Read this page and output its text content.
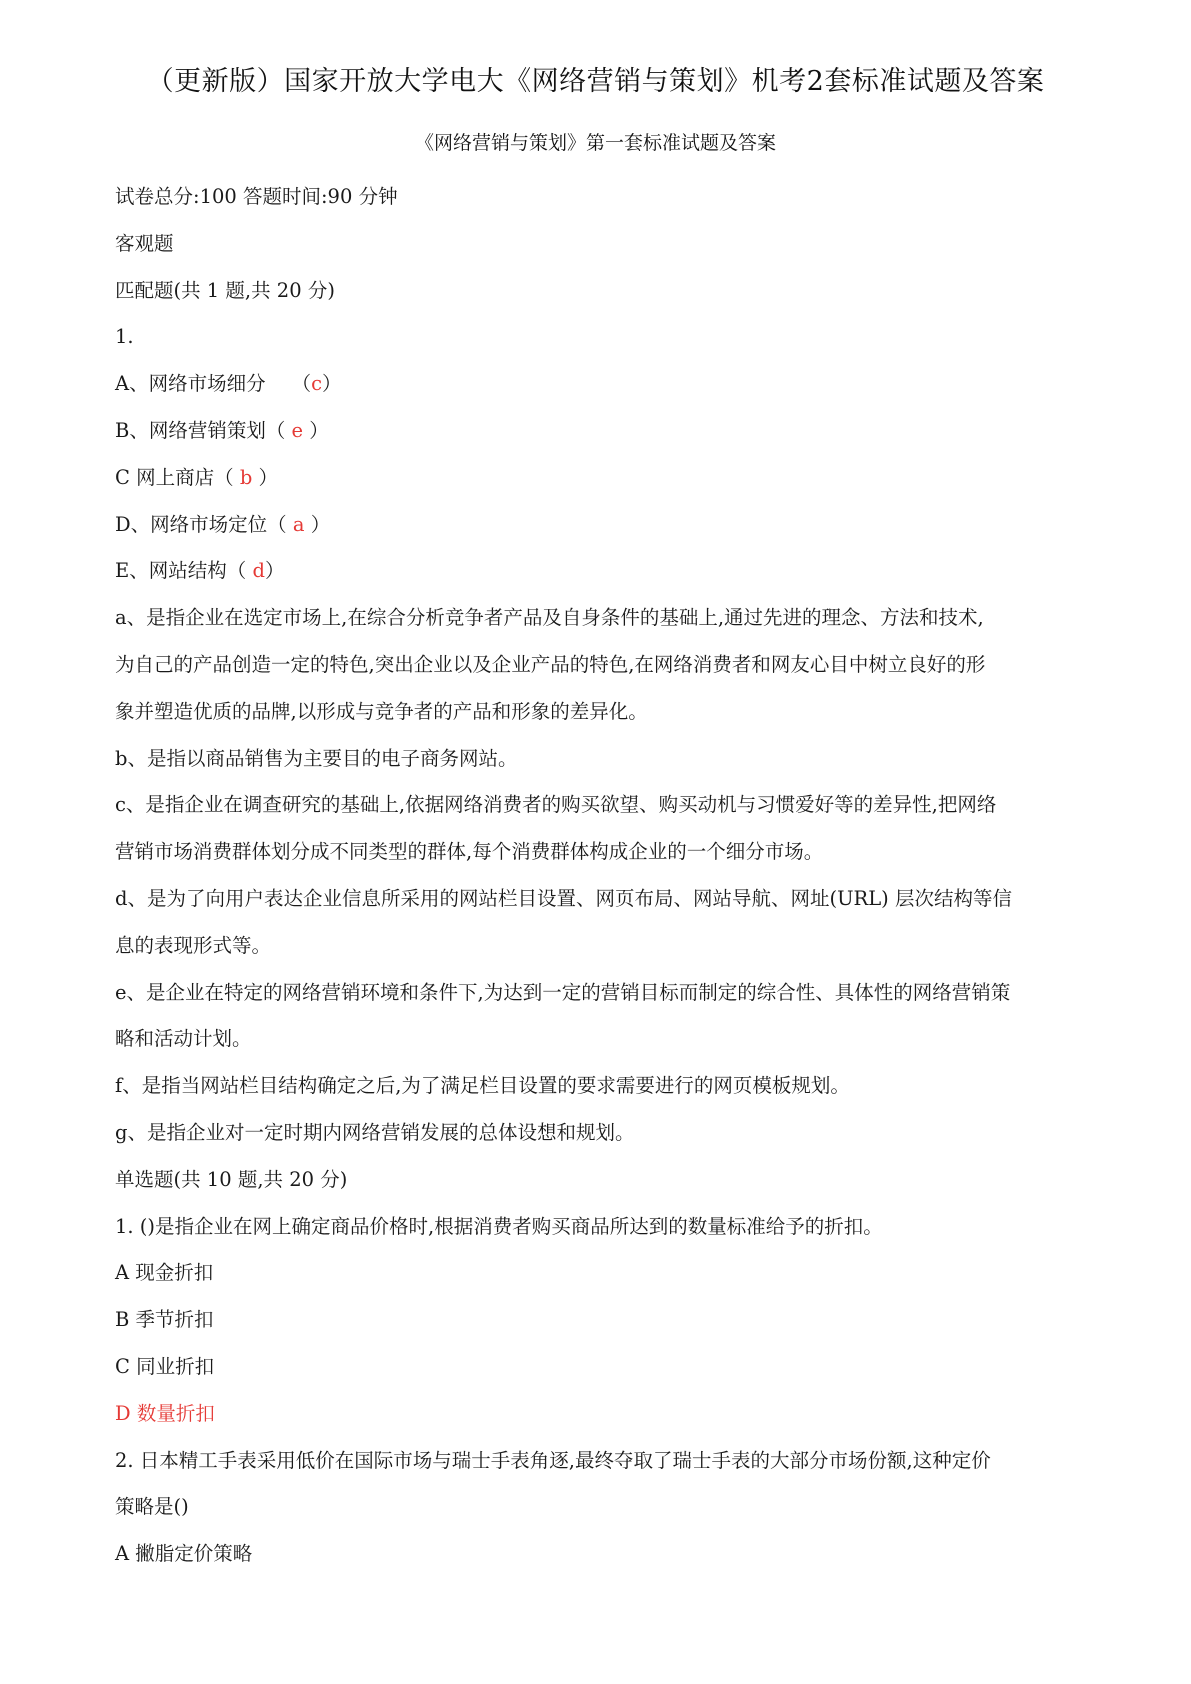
（更新版）国家开放大学电大《网络营销与策划》机考2套标准试题及答案
《网络营销与策划》第一套标准试题及答案
试卷总分:100 答题时间:90 分钟
客观题
匹配题(共 1 题,共 20 分)
1.
A、网络市场细分 （c）
B、网络营销策划（ e ）
C 网上商店（ b ）
D、网络市场定位（ a ）
E、网站结构（ d）
a、是指企业在选定市场上,在综合分析竞争者产品及自身条件的基础上,通过先进的理念、方法和技术,
为自己的产品创造一定的特色,突出企业以及企业产品的特色,在网络消费者和网友心目中树立良好的形
象并塑造优质的品牌,以形成与竞争者的产品和形象的差异化。
b、是指以商品销售为主要目的电子商务网站。
c、是指企业在调查研究的基础上,依据网络消费者的购买欲望、购买动机与习惯爱好等的差异性,把网络
营销市场消费群体划分成不同类型的群体,每个消费群体构成企业的一个细分市场。
d、是为了向用户表达企业信息所采用的网站栏目设置、网页布局、网站导航、网址(URL) 层次结构等信
息的表现形式等。
e、是企业在特定的网络营销环境和条件下,为达到一定的营销目标而制定的综合性、具体性的网络营销策
略和活动计划。
f、是指当网站栏目结构确定之后,为了满足栏目设置的要求需要进行的网页模板规划。
g、是指企业对一定时期内网络营销发展的总体设想和规划。
单选题(共 10 题,共 20 分)
1. ()是指企业在网上确定商品价格时,根据消费者购买商品所达到的数量标准给予的折扣。
A 现金折扣
B 季节折扣
C 同业折扣
D 数量折扣
2. 日本精工手表采用低价在国际市场与瑞士手表角逐,最终夺取了瑞士手表的大部分市场份额,这种定价
策略是()
A 撇脂定价策略
